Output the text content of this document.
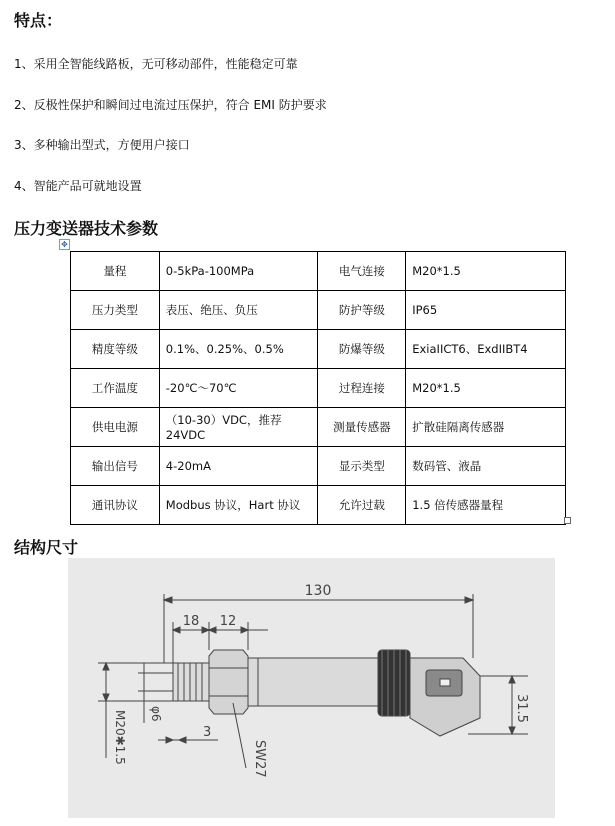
特点：

1、采用全智能线路板，无可移动部件，性能稳定可靠

2、反极性保护和瞬间过电流过压保护，符合 EMI 防护要求

3、多种输出型式，方便用户接口

4、智能产品可就地设置

压力变送器技术参数
✥
量程	0-5kPa-100MPa	电气连接	M20*1.5
压力类型	表压、绝压、负压	防护等级	IP65
精度等级	0.1%、0.25%、0.5%	防爆等级	ExiaIICT6、ExdIIBT4
工作温度	-20℃～70℃	过程连接	M20*1.5
供电电源	（10-30）VDC，推荐 24VDC	测量传感器	扩散硅隔离传感器
输出信号	4-20mA	显示类型	数码管、液晶
通讯协议	Modbus 协议，Hart 协议	允许过载	1.5 倍传感器量程
结构尺寸
130
18 12
M20✱1.5 φ6
3
SW27
31.5
